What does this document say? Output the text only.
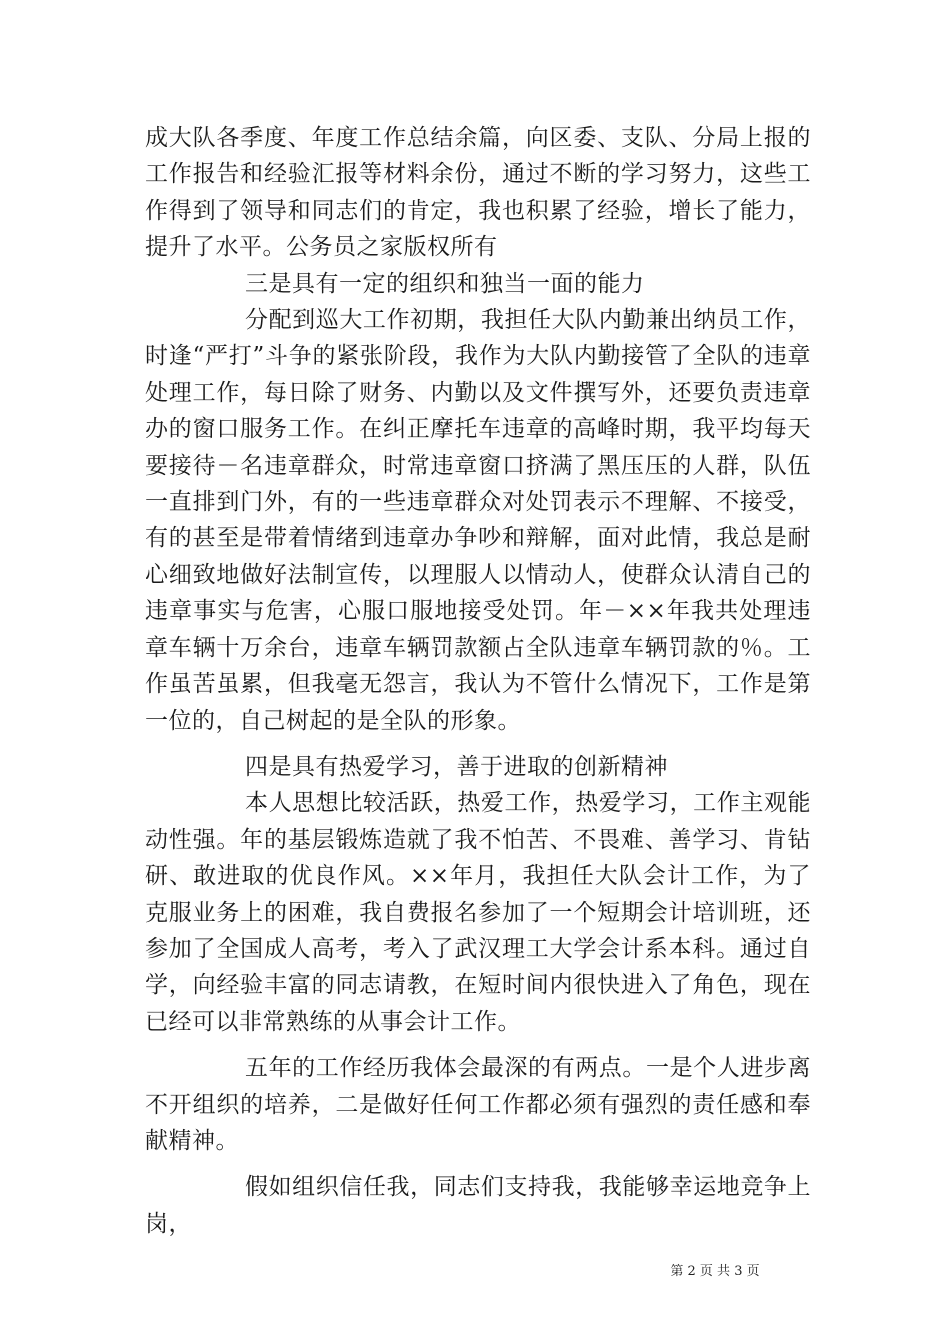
成大队各季度、年度工作总结余篇，向区委、支队、分局上报的工作报告和经验汇报等材料余份，通过不断的学习努力，这些工作得到了领导和同志们的肯定，我也积累了经验，增长了能力，提升了水平。公务员之家版权所有

三是具有一定的组织和独当一面的能力

分配到巡大工作初期，我担任大队内勤兼出纳员工作，时逢“严打”斗争的紧张阶段，我作为大队内勤接管了全队的违章处理工作，每日除了财务、内勤以及文件撰写外，还要负责违章办的窗口服务工作。在纠正摩托车违章的高峰时期，我平均每天要接待－名违章群众，时常违章窗口挤满了黑压压的人群，队伍一直排到门外，有的一些违章群众对处罚表示不理解、不接受，有的甚至是带着情绪到违章办争吵和辩解，面对此情，我总是耐心细致地做好法制宣传，以理服人以情动人，使群众认清自己的违章事实与危害，心服口服地接受处罚。年－××年我共处理违章车辆十万余台，违章车辆罚款额占全队违章车辆罚款的％。工作虽苦虽累，但我毫无怨言，我认为不管什么情况下，工作是第一位的，自己树起的是全队的形象。

四是具有热爱学习，善于进取的创新精神

本人思想比较活跃，热爱工作，热爱学习，工作主观能动性强。年的基层锻炼造就了我不怕苦、不畏难、善学习、肯钻研、敢进取的优良作风。××年月，我担任大队会计工作，为了克服业务上的困难，我自费报名参加了一个短期会计培训班，还参加了全国成人高考，考入了武汉理工大学会计系本科。通过自学，向经验丰富的同志请教，在短时间内很快进入了角色，现在已经可以非常熟练的从事会计工作。

五年的工作经历我体会最深的有两点。一是个人进步离不开组织的培养，二是做好任何工作都必须有强烈的责任感和奉献精神。

假如组织信任我，同志们支持我，我能够幸运地竞争上岗，

第 2 页 共 3 页
